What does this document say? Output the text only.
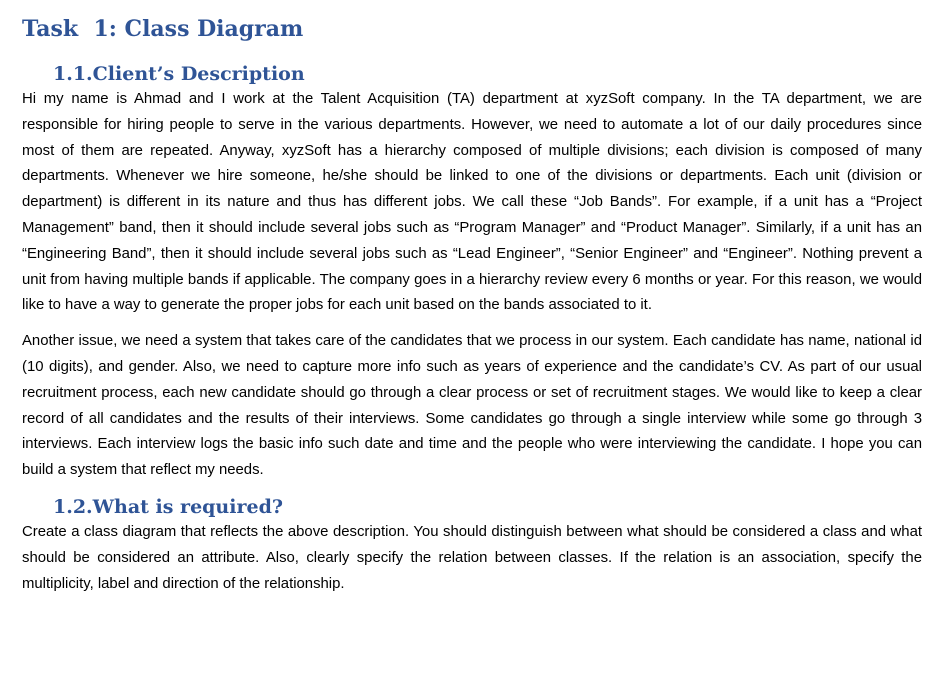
Task  1: Class Diagram
1.1.Client’s Description

Hi my name is Ahmad and I work at the Talent Acquisition (TA) department at xyzSoft company. In the TA department, we are responsible for hiring people to serve in the various departments. However, we need to automate a lot of our daily procedures since most of them are repeated. Anyway, xyzSoft has a hierarchy composed of multiple divisions; each division is composed of many departments. Whenever we hire someone, he/she should be linked to one of the divisions or departments. Each unit (division or department) is different in its nature and thus has different jobs. We call these “Job Bands”. For example, if a unit has a “Project Management” band, then it should include several jobs such as “Program Manager” and “Product Manager”. Similarly, if a unit has an “Engineering Band”, then it should include several jobs such as “Lead Engineer”, “Senior Engineer” and “Engineer”. Nothing prevent a unit from having multiple bands if applicable. The company goes in a hierarchy review every 6 months or year. For this reason, we would like to have a way to generate the proper jobs for each unit based on the bands associated to it.

Another issue, we need a system that takes care of the candidates that we process in our system. Each candidate has name, national id (10 digits), and gender. Also, we need to capture more info such as years of experience and the candidate’s CV. As part of our usual recruitment process, each new candidate should go through a clear process or set of recruitment stages. We would like to keep a clear record of all candidates and the results of their interviews. Some candidates go through a single interview while some go through 3 interviews. Each interview logs the basic info such date and time and the people who were interviewing the candidate. I hope you can build a system that reflect my needs.

1.2.What is required?

Create a class diagram that reflects the above description. You should distinguish between what should be considered a class and what should be considered an attribute. Also, clearly specify the relation between classes. If the relation is an association, specify the multiplicity, label and direction of the relationship.
